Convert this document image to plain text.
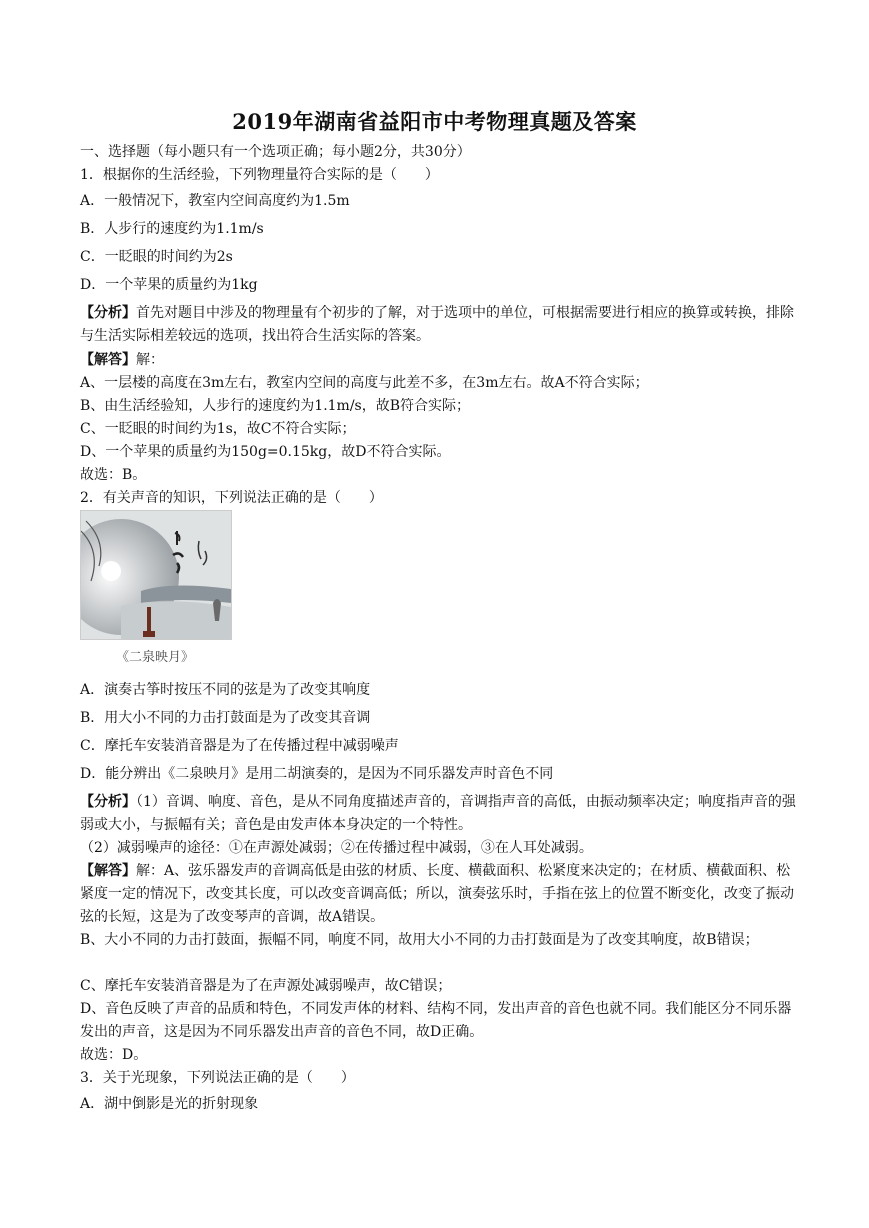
2019年湖南省益阳市中考物理真题及答案
一、选择题（每小题只有一个选项正确；每小题2分，共30分）
1．根据你的生活经验，下列物理量符合实际的是（　　）
A．一般情况下，教室内空间高度约为1.5m
B．人步行的速度约为1.1m/s
C．一眨眼的时间约为2s
D．一个苹果的质量约为1kg
【分析】首先对题目中涉及的物理量有个初步的了解，对于选项中的单位，可根据需要进行相应的换算或转换，排除与生活实际相差较远的选项，找出符合生活实际的答案。
【解答】解：
A、一层楼的高度在3m左右，教室内空间的高度与此差不多，在3m左右。故A不符合实际；
B、由生活经验知，人步行的速度约为1.1m/s，故B符合实际；
C、一眨眼的时间约为1s，故C不符合实际；
D、一个苹果的质量约为150g=0.15kg，故D不符合实际。
故选：B。
2．有关声音的知识，下列说法正确的是（　　）
《二泉映月》
A．演奏古筝时按压不同的弦是为了改变其响度
B．用大小不同的力击打鼓面是为了改变其音调
C．摩托车安装消音器是为了在传播过程中减弱噪声
D．能分辨出《二泉映月》是用二胡演奏的，是因为不同乐器发声时音色不同
【分析】（1）音调、响度、音色，是从不同角度描述声音的，音调指声音的高低，由振动频率决定；响度指声音的强弱或大小，与振幅有关；音色是由发声体本身决定的一个特性。
（2）减弱噪声的途径：①在声源处减弱；②在传播过程中减弱，③在人耳处减弱。
【解答】解：A、弦乐器发声的音调高低是由弦的材质、长度、横截面积、松紧度来决定的；在材质、横截面积、松紧度一定的情况下，改变其长度，可以改变音调高低；所以，演奏弦乐时，手指在弦上的位置不断变化，改变了振动弦的长短，这是为了改变琴声的音调，故A错误。
B、大小不同的力击打鼓面，振幅不同，响度不同，故用大小不同的力击打鼓面是为了改变其响度，故B错误；
C、摩托车安装消音器是为了在声源处减弱噪声，故C错误；
D、音色反映了声音的品质和特色，不同发声体的材料、结构不同，发出声音的音色也就不同。我们能区分不同乐器发出的声音，这是因为不同乐器发出声音的音色不同，故D正确。
故选：D。
3．关于光现象，下列说法正确的是（　　）
A．湖中倒影是光的折射现象
